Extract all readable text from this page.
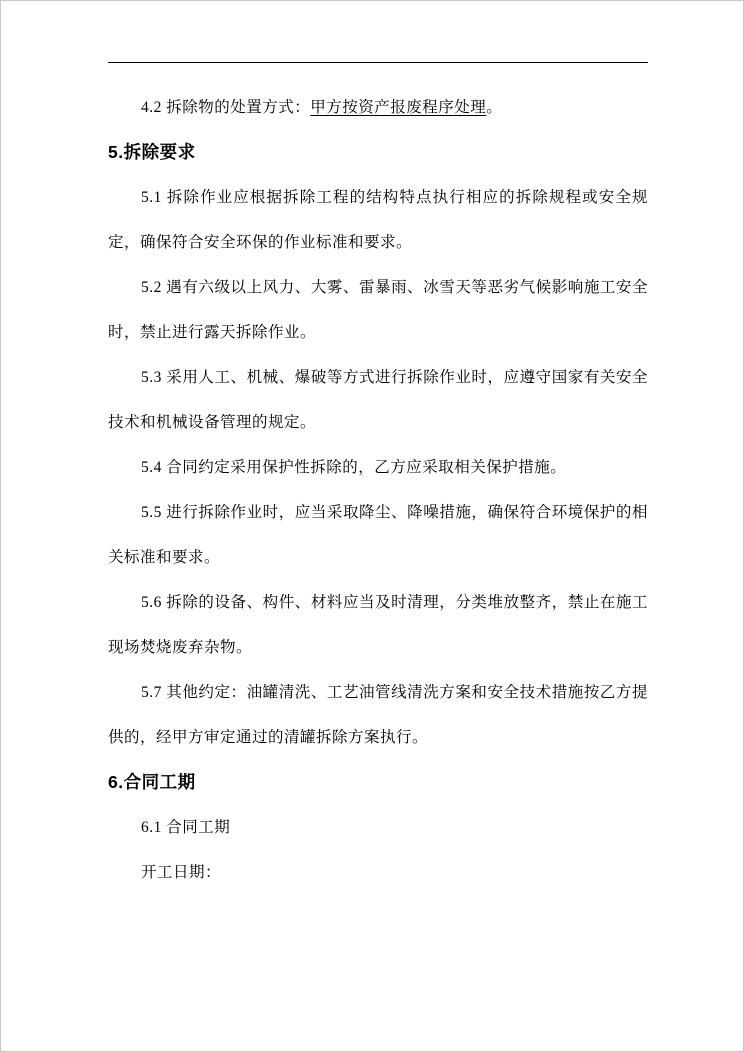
4.2 拆除物的处置方式：甲方按资产报废程序处理。

5.拆除要求

5.1 拆除作业应根据拆除工程的结构特点执行相应的拆除规程或安全规定，确保符合安全环保的作业标准和要求。

5.2 遇有六级以上风力、大雾、雷暴雨、冰雪天等恶劣气候影响施工安全时，禁止进行露天拆除作业。

5.3 采用人工、机械、爆破等方式进行拆除作业时，应遵守国家有关安全技术和机械设备管理的规定。

5.4 合同约定采用保护性拆除的，乙方应采取相关保护措施。

5.5 进行拆除作业时，应当采取降尘、降噪措施，确保符合环境保护的相关标准和要求。

5.6 拆除的设备、构件、材料应当及时清理，分类堆放整齐，禁止在施工现场焚烧废弃杂物。

5.7 其他约定：油罐清洗、工艺油管线清洗方案和安全技术措施按乙方提供的，经甲方审定通过的清罐拆除方案执行。

6.合同工期

6.1 合同工期

开工日期：
